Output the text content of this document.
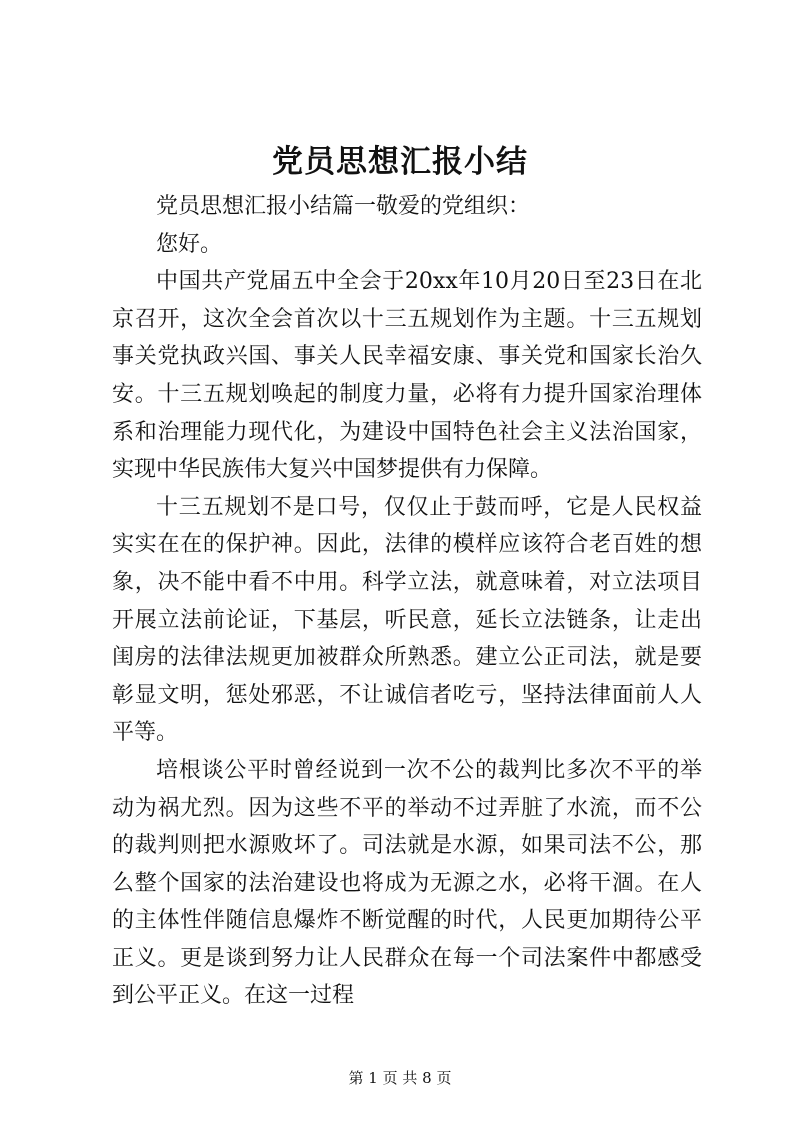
党员思想汇报小结

党员思想汇报小结篇一敬爱的党组织：

您好。

中国共产党届五中全会于20xx年10月20日至23日在北京召开，这次全会首次以十三五规划作为主题。十三五规划事关党执政兴国、事关人民幸福安康、事关党和国家长治久安。十三五规划唤起的制度力量，必将有力提升国家治理体系和治理能力现代化，为建设中国特色社会主义法治国家，实现中华民族伟大复兴中国梦提供有力保障。

十三五规划不是口号，仅仅止于鼓而呼，它是人民权益实实在在的保护神。因此，法律的模样应该符合老百姓的想象，决不能中看不中用。科学立法，就意味着，对立法项目开展立法前论证，下基层，听民意，延长立法链条，让走出闺房的法律法规更加被群众所熟悉。建立公正司法，就是要彰显文明，惩处邪恶，不让诚信者吃亏，坚持法律面前人人平等。

培根谈公平时曾经说到一次不公的裁判比多次不平的举动为祸尤烈。因为这些不平的举动不过弄脏了水流，而不公的裁判则把水源败坏了。司法就是水源，如果司法不公，那么整个国家的法治建设也将成为无源之水，必将干涸。在人的主体性伴随信息爆炸不断觉醒的时代，人民更加期待公平正义。更是谈到努力让人民群众在每一个司法案件中都感受到公平正义。在这一过程

第 1 页 共 8 页
